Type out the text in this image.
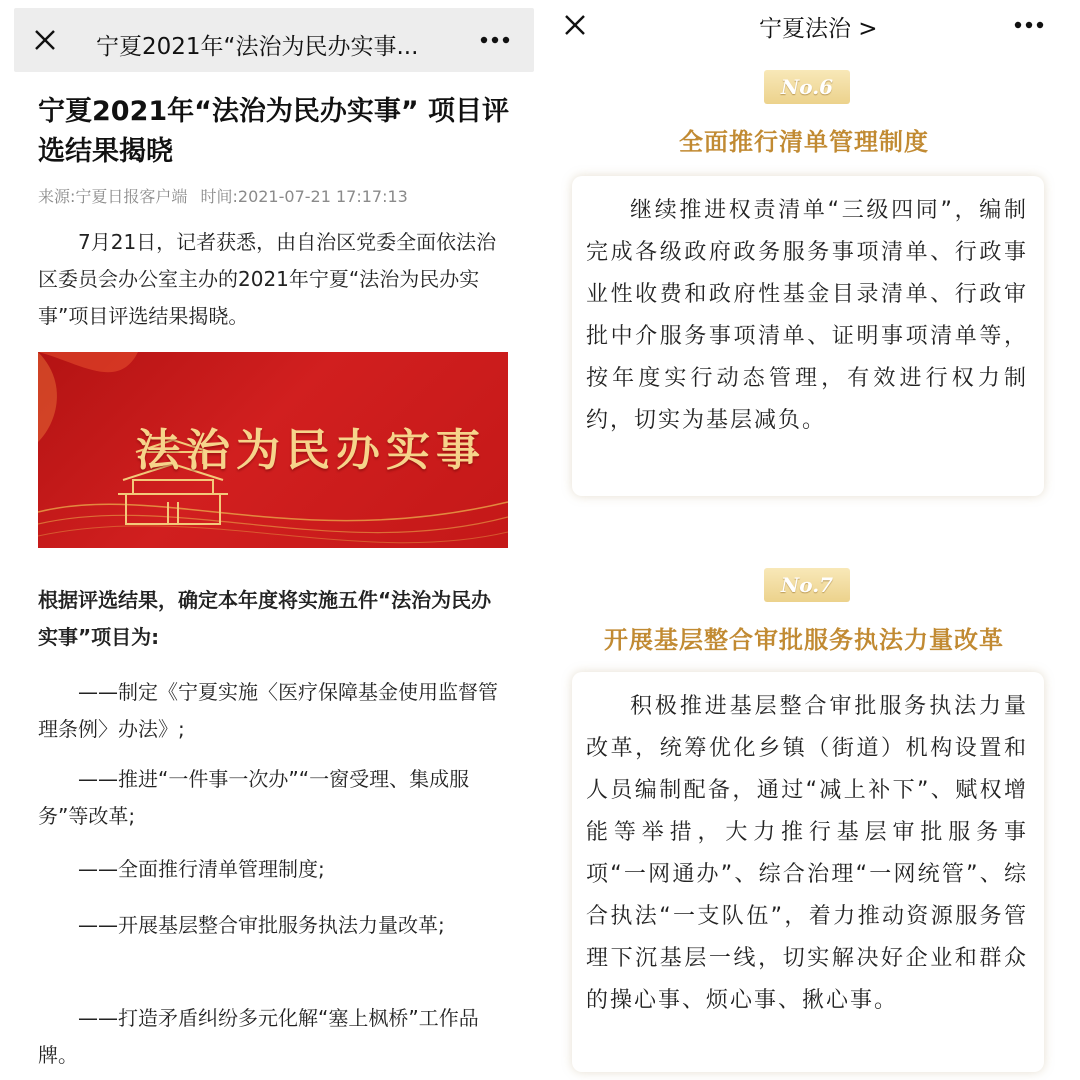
宁夏2021年“法治为民办实事...
宁夏2021年“法治为民办实事” 项目评选结果揭晓
来源:宁夏日报客户端 时间:2021-07-21 17:17:13
7月21日，记者获悉，由自治区党委全面依法治区委员会办公室主办的2021年宁夏“法治为民办实事”项目评选结果揭晓。
法治为民办实事
根据评选结果，确定本年度将实施五件“法治为民办实事”项目为:
——制定《宁夏实施〈医疗保障基金使用监督管理条例〉办法》;
——推进“一件事一次办”“一窗受理、集成服务”等改革;
——全面推行清单管理制度;
——开展基层整合审批服务执法力量改革;
——打造矛盾纠纷多元化解“塞上枫桥”工作品牌。
宁夏法治 >
No.6
全面推行清单管理制度
继续推进权责清单“三级四同”，编制完成各级政府政务服务事项清单、行政事业性收费和政府性基金目录清单、行政审批中介服务事项清单、证明事项清单等，按年度实行动态管理，有效进行权力制约，切实为基层减负。
No.7
开展基层整合审批服务执法力量改革
积极推进基层整合审批服务执法力量改革，统筹优化乡镇（街道）机构设置和人员编制配备，通过“减上补下”、赋权增能等举措，大力推行基层审批服务事项“一网通办”、综合治理“一网统管”、综合执法“一支队伍”，着力推动资源服务管理下沉基层一线，切实解决好企业和群众的操心事、烦心事、揪心事。
